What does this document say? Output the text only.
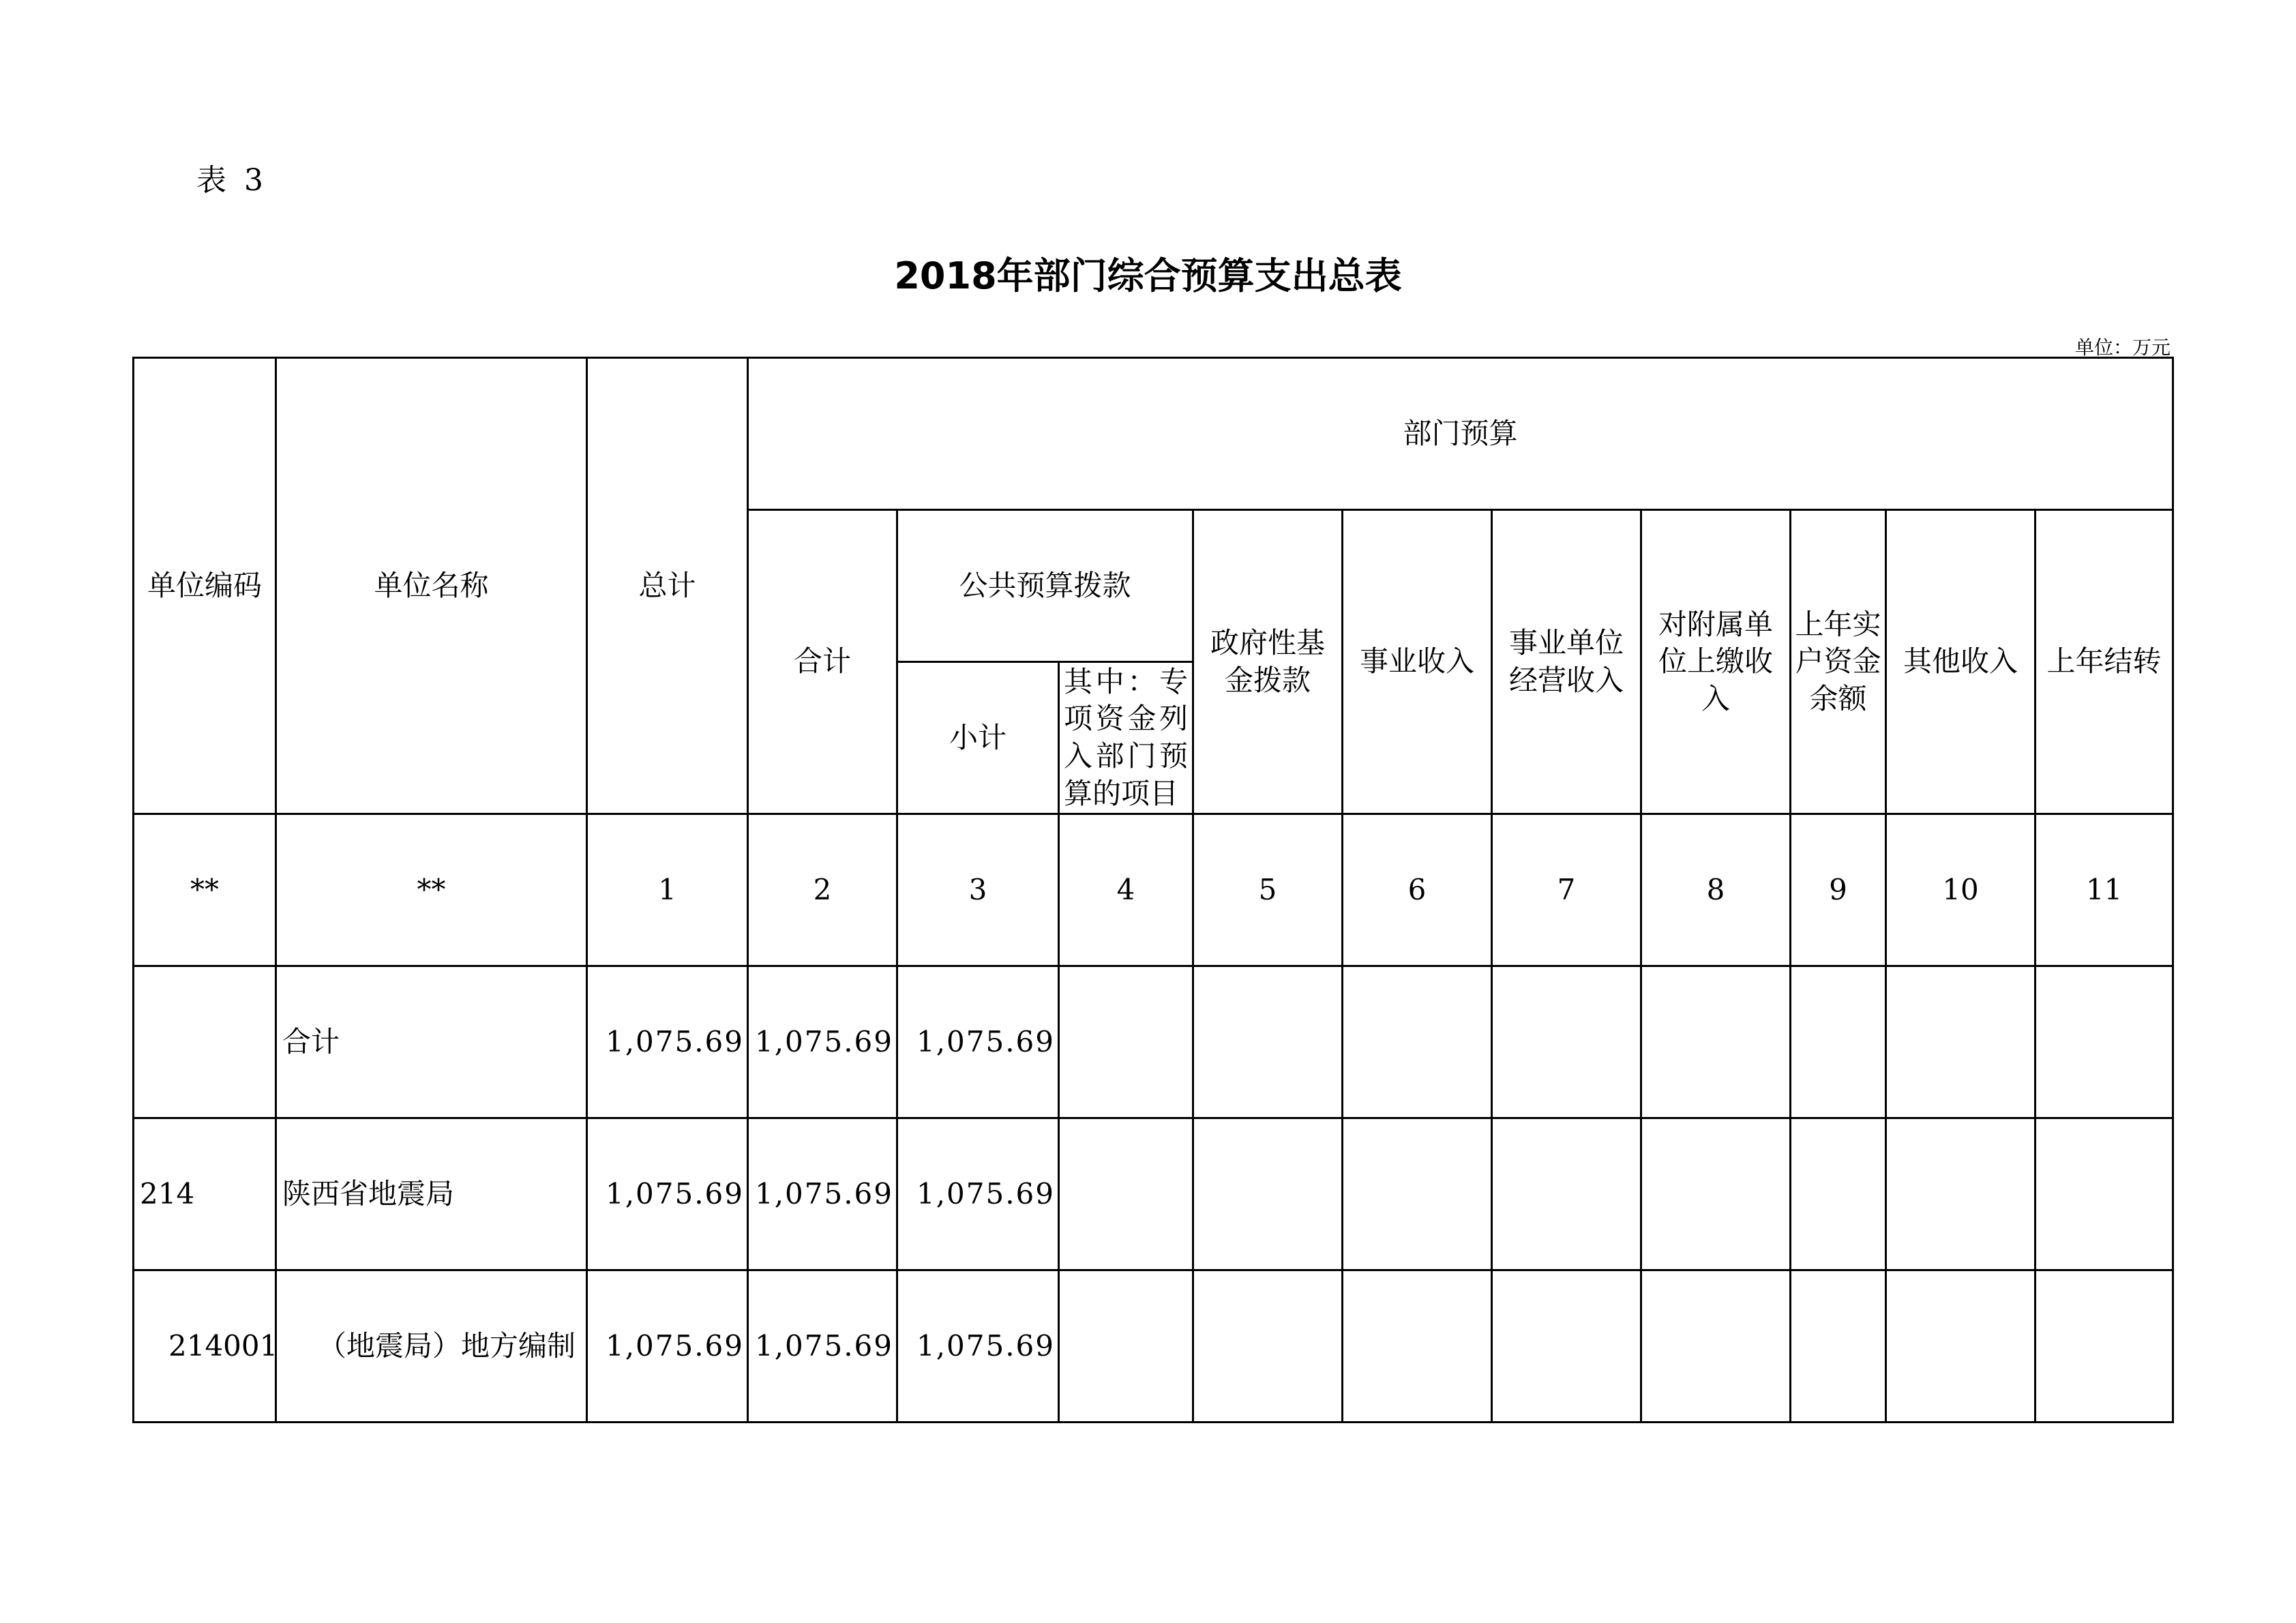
表 3
2018年部门综合预算支出总表
单位：万元
单位编码	单位名称	总计	部门预算									
			合计	公共预算拨款		政府性基金拨款	事业收入	事业单位经营收入	对附属单位上缴收入	上年实户资金余额	其他收入	上年结转
				小计	其中：专项资金列入部门预算的项目							
**	**	1	2	3	4	5	6	7	8	9	10	11
	合计	1,075.69	1,075.69	1,075.69								
214	陕西省地震局	1,075.69	1,075.69	1,075.69								
214001	（地震局）地方编制	1,075.69	1,075.69	1,075.69								
